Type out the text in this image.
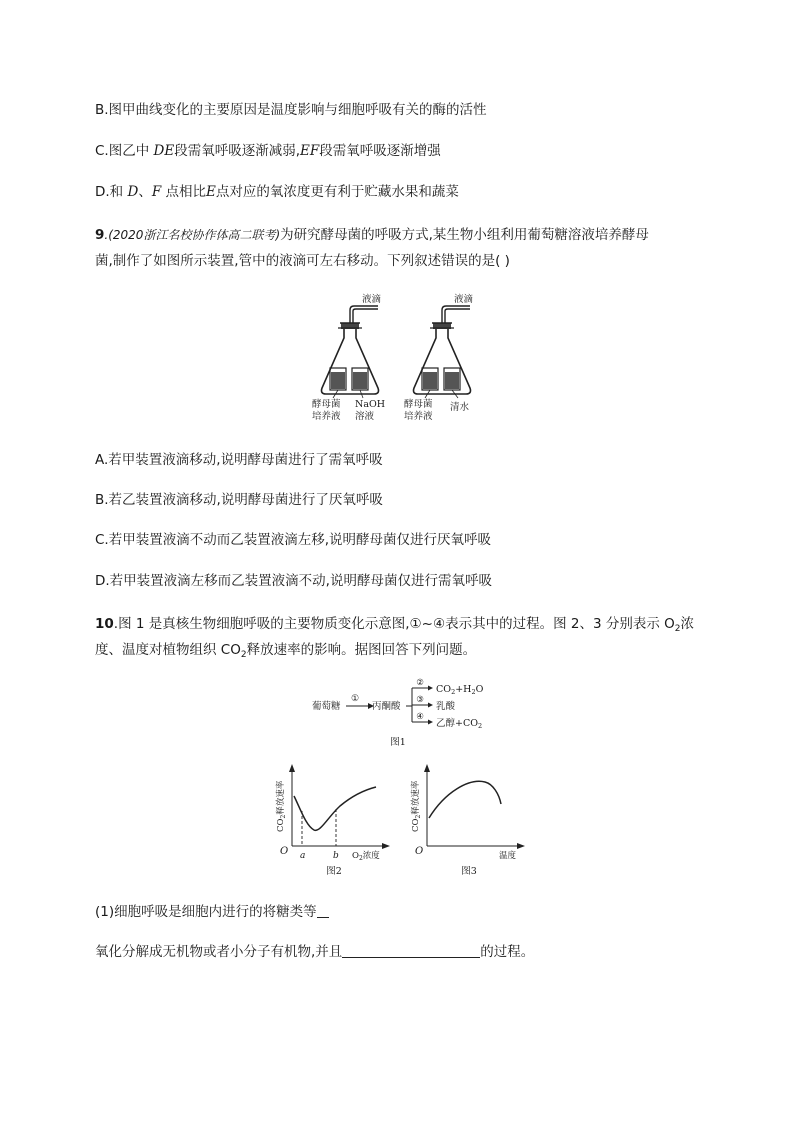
B.图甲曲线变化的主要原因是温度影响与细胞呼吸有关的酶的活性
C.图乙中 DE段需氧呼吸逐渐减弱,EF段需氧呼吸逐渐增强
D.和 D、F 点相比E点对应的氧浓度更有利于贮藏水果和蔬菜
9.(2020浙江名校协作体高二联考)为研究酵母菌的呼吸方式,某生物小组利用葡萄糖溶液培养酵母
菌,制作了如图所示装置,管中的液滴可左右移动。下列叙述错误的是( )
液滴
酵母菌
培养液
NaOH
溶液
液滴
酵母菌
培养液
清水
A.若甲装置液滴移动,说明酵母菌进行了需氧呼吸
B.若乙装置液滴移动,说明酵母菌进行了厌氧呼吸
C.若甲装置液滴不动而乙装置液滴左移,说明酵母菌仅进行厌氧呼吸
D.若甲装置液滴左移而乙装置液滴不动,说明酵母菌仅进行需氧呼吸
10.图 1 是真核生物细胞呼吸的主要物质变化示意图,①~④表示其中的过程。图 2、3 分别表示 $O_2$浓
度、温度对植物组织 $CO_2$释放速率的影响。据图回答下列问题。
葡萄糖
①
丙酮酸
②
③
④
$CO_2+H_2O$
乳酸
乙醇$+CO_2$
图1
$CO_2$释放速率
O a	b $O_2$浓度
图2
$CO_2$释放速率
O	温度
图3
(1)细胞呼吸是细胞内进行的将糖类等
氧化分解成无机物或者小分子有机物,并且	的过程。
